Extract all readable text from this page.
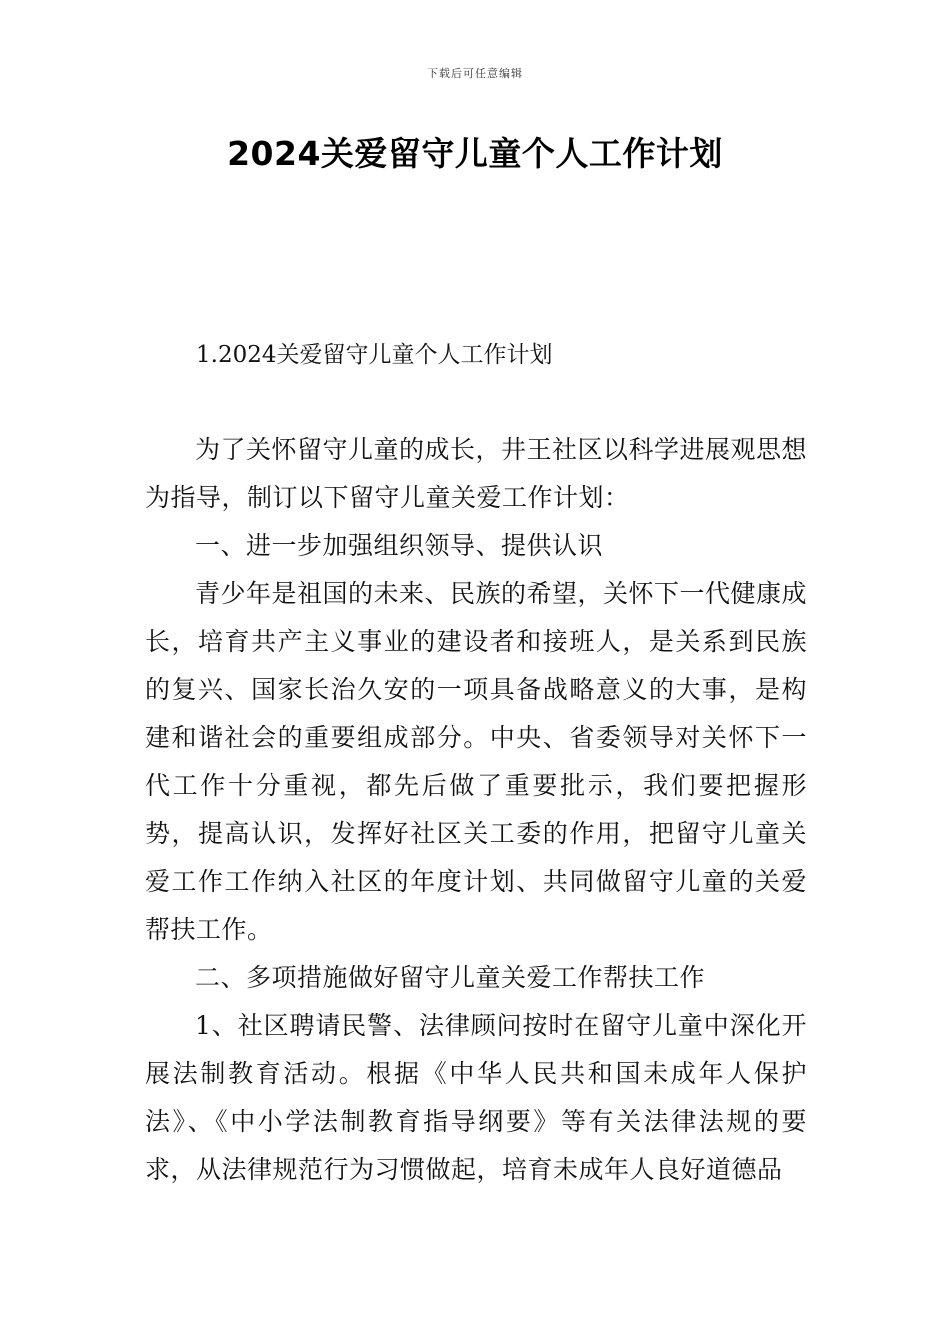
下载后可任意编辑
2024关爱留守儿童个人工作计划
1.2024关爱留守儿童个人工作计划

为了关怀留守儿童的成长，井王社区以科学进展观思想为指导，制订以下留守儿童关爱工作计划：

一、进一步加强组织领导、提供认识

青少年是祖国的未来、民族的希望，关怀下一代健康成长，培育共产主义事业的建设者和接班人，是关系到民族的复兴、国家长治久安的一项具备战略意义的大事，是构建和谐社会的重要组成部分。中央、省委领导对关怀下一代工作十分重视，都先后做了重要批示，我们要把握形势，提高认识，发挥好社区关工委的作用，把留守儿童关爱工作工作纳入社区的年度计划、共同做留守儿童的关爱帮扶工作。

二、多项措施做好留守儿童关爱工作帮扶工作

1、社区聘请民警、法律顾问按时在留守儿童中深化开展法制教育活动。根据《中华人民共和国未成年人保护法》、《中小学法制教育指导纲要》等有关法律法规的要求，从法律规范行为习惯做起，培育未成年人良好道德品
